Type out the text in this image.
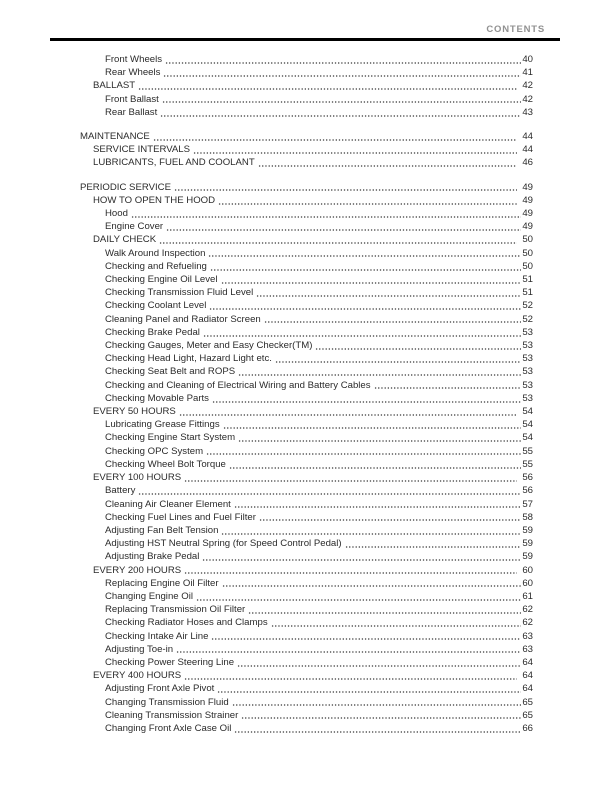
CONTENTS
Front Wheels	40
Rear Wheels	41
BALLAST	42
Front Ballast	42
Rear Ballast	43
MAINTENANCE	44
SERVICE INTERVALS	44
LUBRICANTS, FUEL AND COOLANT	46
PERIODIC SERVICE	49
HOW TO OPEN THE HOOD	49
Hood	49
Engine Cover	49
DAILY CHECK	50
Walk Around Inspection	50
Checking and Refueling	50
Checking Engine Oil Level	51
Checking Transmission Fluid Level	51
Checking Coolant Level	52
Cleaning Panel and Radiator Screen	52
Checking Brake Pedal	53
Checking Gauges, Meter and Easy Checker(TM)	53
Checking Head Light, Hazard Light etc.	53
Checking Seat Belt and ROPS	53
Checking and Cleaning of Electrical Wiring and Battery Cables	53
Checking Movable Parts	53
EVERY 50 HOURS	54
Lubricating Grease Fittings	54
Checking Engine Start System	54
Checking OPC System	55
Checking Wheel Bolt Torque	55
EVERY 100 HOURS	56
Battery	56
Cleaning Air Cleaner Element	57
Checking Fuel Lines and Fuel Filter	58
Adjusting Fan Belt Tension	59
Adjusting HST Neutral Spring (for Speed Control Pedal)	59
Adjusting Brake Pedal	59
EVERY 200 HOURS	60
Replacing Engine Oil Filter	60
Changing Engine Oil	61
Replacing Transmission Oil Filter	62
Checking Radiator Hoses and Clamps	62
Checking Intake Air Line	63
Adjusting Toe-in	63
Checking Power Steering Line	64
EVERY 400 HOURS	64
Adjusting Front Axle Pivot	64
Changing Transmission Fluid	65
Cleaning Transmission Strainer	65
Changing Front Axle Case Oil	66
